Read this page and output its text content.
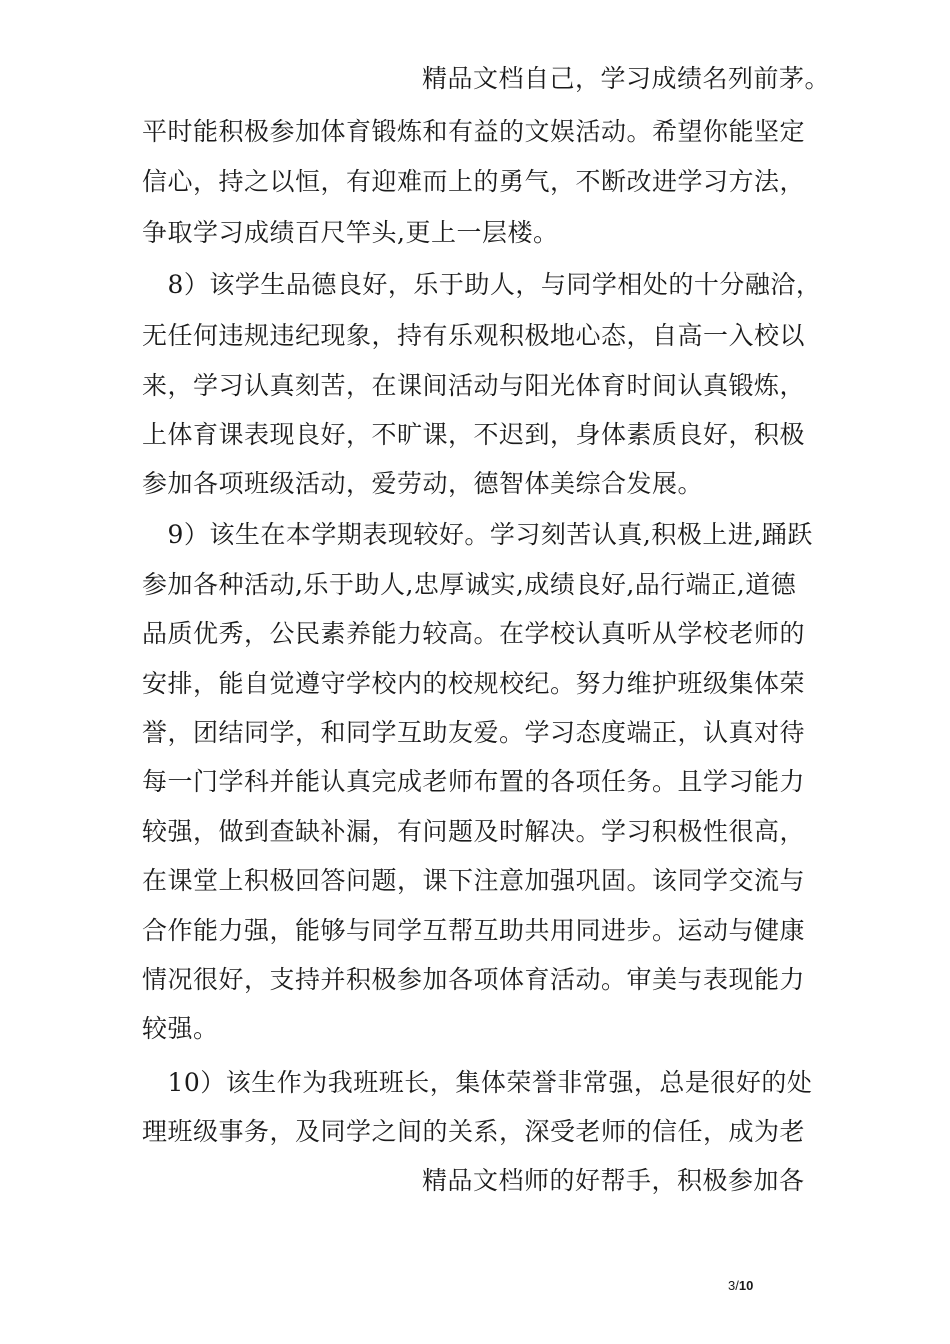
精品文档自己，学习成绩名列前茅。
平时能积极参加体育锻炼和有益的文娱活动。希望你能坚定
信心，持之以恒，有迎难而上的勇气，不断改进学习方法，
争取学习成绩百尺竿头,更上一层楼。
　8）该学生品德良好，乐于助人，与同学相处的十分融洽，
无任何违规违纪现象，持有乐观积极地心态，自高一入校以
来，学习认真刻苦，在课间活动与阳光体育时间认真锻炼，
上体育课表现良好，不旷课，不迟到，身体素质良好，积极
参加各项班级活动，爱劳动，德智体美综合发展。
　9）该生在本学期表现较好。学习刻苦认真,积极上进,踊跃
参加各种活动,乐于助人,忠厚诚实,成绩良好,品行端正,道德
品质优秀，公民素养能力较高。在学校认真听从学校老师的
安排，能自觉遵守学校内的校规校纪。努力维护班级集体荣
誉，团结同学，和同学互助友爱。学习态度端正，认真对待
每一门学科并能认真完成老师布置的各项任务。且学习能力
较强，做到查缺补漏，有问题及时解决。学习积极性很高，
在课堂上积极回答问题，课下注意加强巩固。该同学交流与
合作能力强，能够与同学互帮互助共用同进步。运动与健康
情况很好，支持并积极参加各项体育活动。审美与表现能力
较强。
　10）该生作为我班班长，集体荣誉非常强，总是很好的处
理班级事务，及同学之间的关系，深受老师的信任，成为老
精品文档师的好帮手，积极参加各
3/10
